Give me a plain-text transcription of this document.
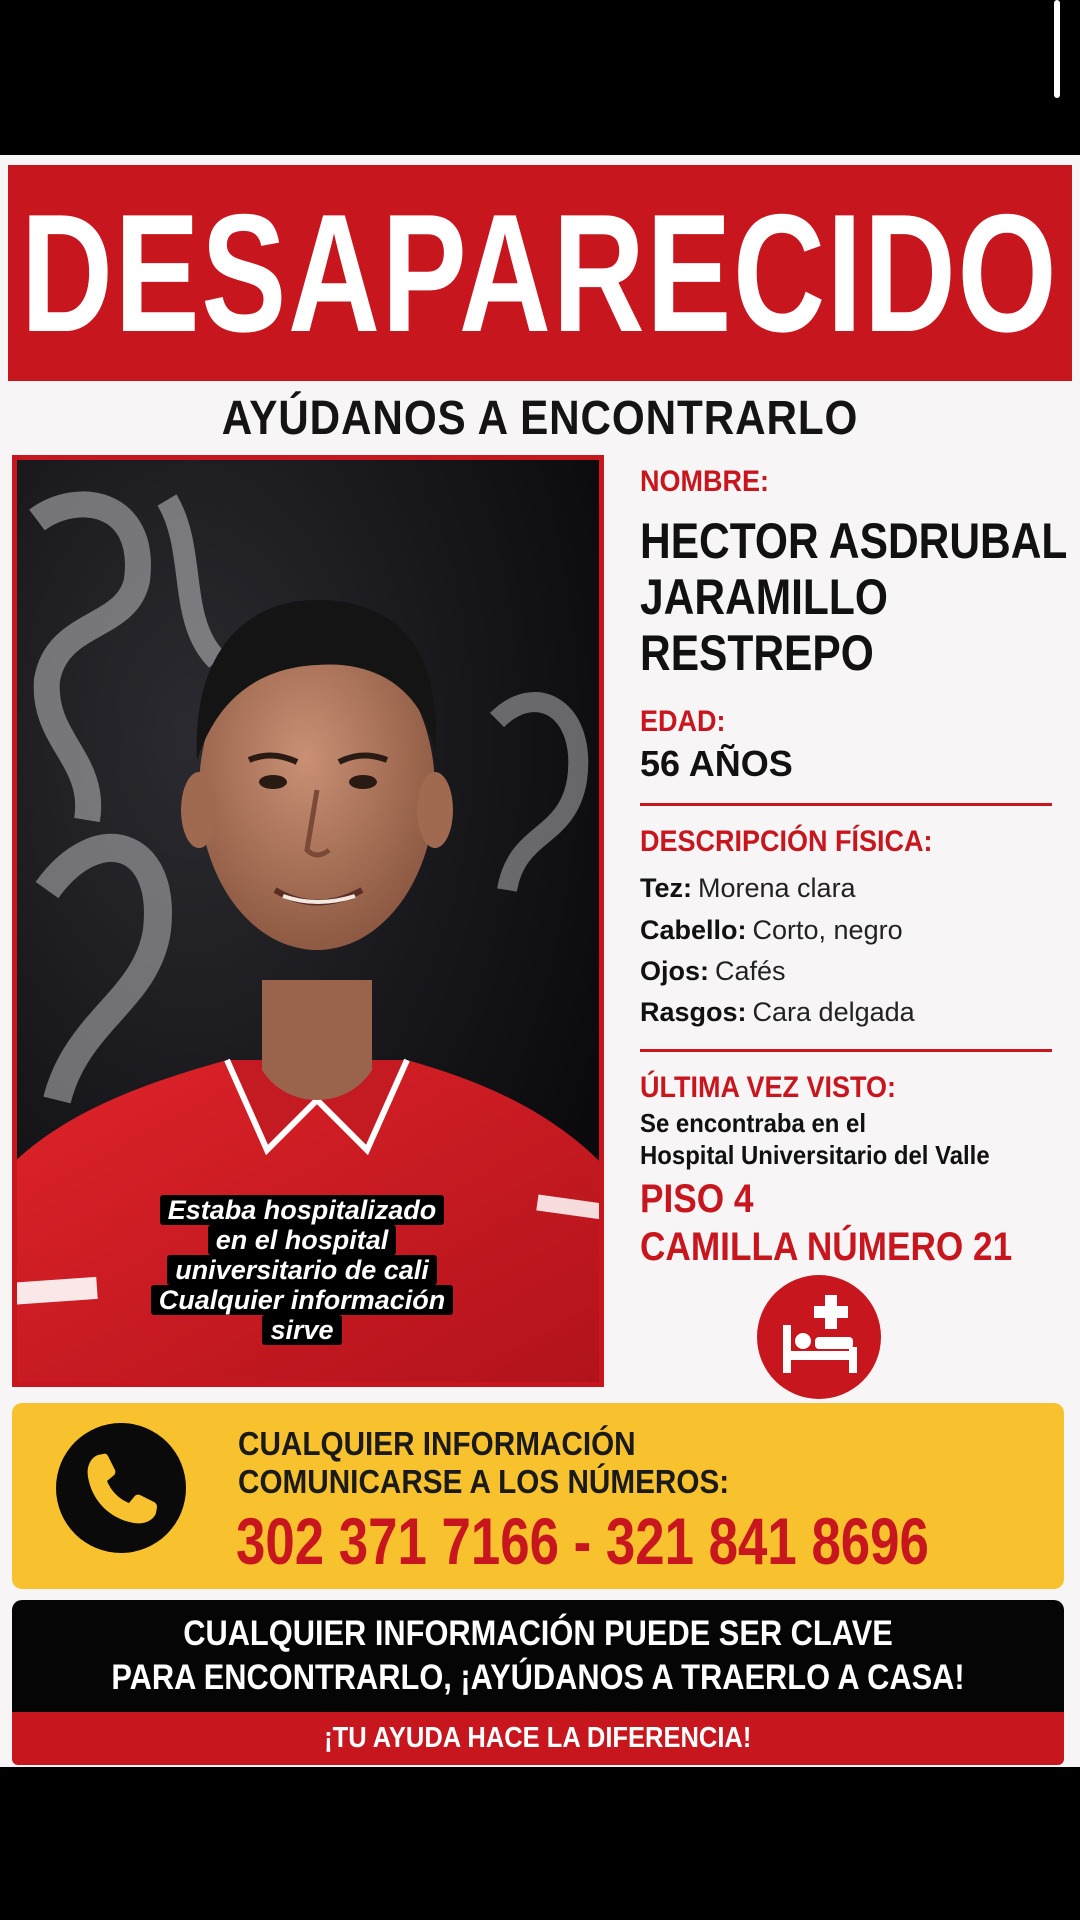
DESAPARECIDO
AYÚDANOS A ENCONTRARLO
Estaba hospitalizado
en el hospital
universitario de cali
Cualquier información
sirve
NOMBRE:
HECTOR ASDRUBAL
JARAMILLO
RESTREPO
EDAD:
56 AÑOS
DESCRIPCIÓN FÍSICA:
Tez: Morena clara
Cabello: Corto, negro
Ojos: Cafés
Rasgos: Cara delgada
ÚLTIMA VEZ VISTO:
Se encontraba en el
Hospital Universitario del Valle
PISO 4
CAMILLA NÚMERO 21
CUALQUIER INFORMACIÓN
COMUNICARSE A LOS NÚMEROS:
302 371 7166 - 321 841 8696
CUALQUIER INFORMACIÓN PUEDE SER CLAVE
PARA ENCONTRARLO, ¡AYÚDANOS A TRAERLO A CASA!
¡TU AYUDA HACE LA DIFERENCIA!
